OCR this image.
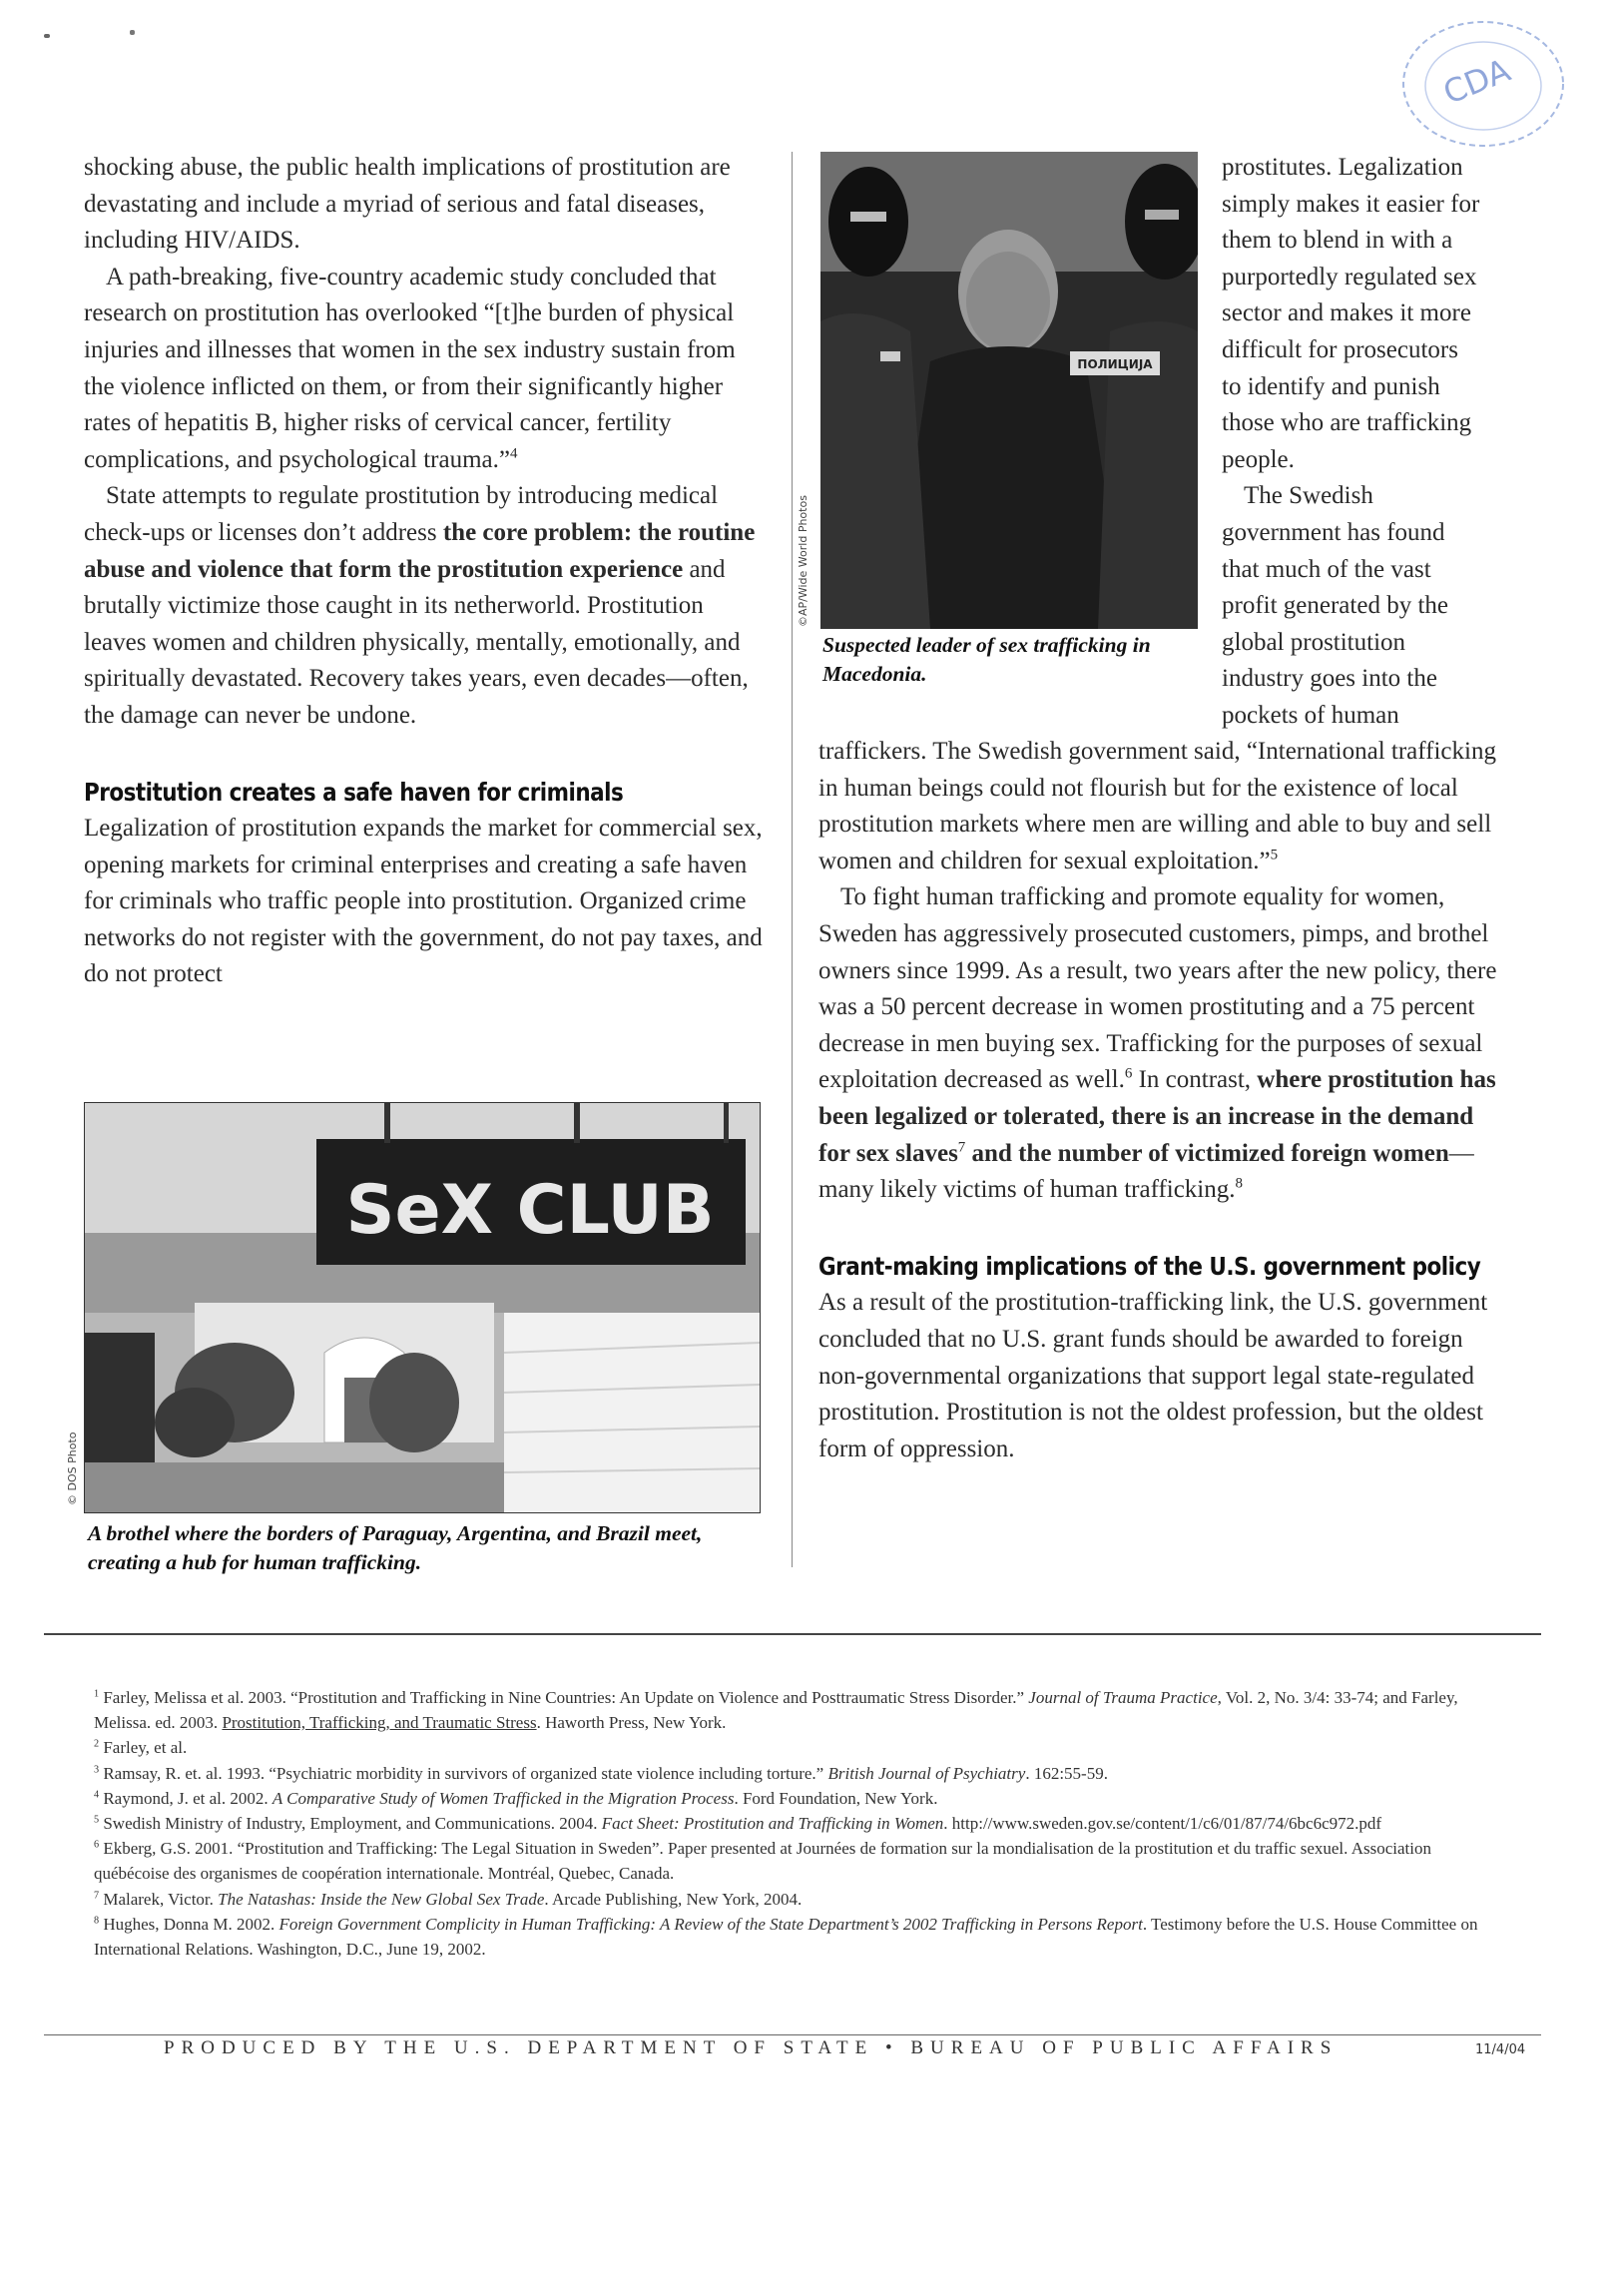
CDA

shocking abuse, the public health implications of prostitution are devastating and include a myriad of serious and fatal diseases, including HIV/AIDS.

A path-breaking, five-country academic study concluded that research on prostitution has overlooked “[t]he burden of physical injuries and illnesses that women in the sex industry sustain from the violence inflicted on them, or from their significantly higher rates of hepatitis B, higher risks of cervical cancer, fertility complications, and psychological trauma.”$^4$

State attempts to regulate prostitution by introducing medical check-ups or licenses don’t address the core problem: the routine abuse and violence that form the prostitution experience and brutally victimize those caught in its netherworld. Prostitution leaves women and children physically, mentally, emotionally, and spiritually devastated. Recovery takes years, even decades—often, the damage can never be undone.

Prostitution creates a safe haven for criminals

Legalization of prostitution expands the market for commercial sex, opening markets for criminal enterprises and creating a safe haven for criminals who traffic people into prostitution. Organized crime networks do not register with the government, do not pay taxes, and do not protect

SeX CLUB
© DOS Photo
A brothel where the borders of Paraguay, Argentina, and Brazil meet, creating a hub for human trafficking.
ПОЛИЦИЈА
©AP/Wide World Photos
Suspected leader of sex trafficking in Macedonia.
prostitutes. Legalization
simply makes it easier for
them to blend in with a
purportedly regulated sex
sector and makes it more
difficult for prosecutors
to identify and punish
those who are trafficking
people.
The Swedish
government has found
that much of the vast
profit generated by the
global prostitution
industry goes into the
pockets of human

traffickers. The Swedish government said, “International trafficking in human beings could not flourish but for the existence of local prostitution markets where men are willing and able to buy and sell women and children for sexual exploitation.”$^5$

To fight human trafficking and promote equality for women, Sweden has aggressively prosecuted customers, pimps, and brothel owners since 1999. As a result, two years after the new policy, there was a 50 percent decrease in women prostituting and a 75 percent decrease in men buying sex. Trafficking for the purposes of sexual exploitation decreased as well.$^6$ In contrast, where prostitution has been legalized or tolerated, there is an increase in the demand for sex slaves$^7$ and the number of victimized foreign women—many likely victims of human trafficking.$^8$

Grant-making implications of the U.S. government policy

As a result of the prostitution-trafficking link, the U.S. government concluded that no U.S. grant funds should be awarded to foreign non-governmental organizations that support legal state-regulated prostitution. Prostitution is not the oldest profession, but the oldest form of oppression.

$^1$ Farley, Melissa et al. 2003. “Prostitution and Trafficking in Nine Countries: An Update on Violence and Posttraumatic Stress Disorder.” Journal of Trauma Practice, Vol. 2, No. 3/4: 33-74; and Farley, Melissa. ed. 2003. Prostitution, Trafficking, and Traumatic Stress. Haworth Press, New York.

$^2$ Farley, et al.

$^3$ Ramsay, R. et. al. 1993. “Psychiatric morbidity in survivors of organized state violence including torture.” British Journal of Psychiatry. 162:55-59.

$^4$ Raymond, J. et al. 2002. A Comparative Study of Women Trafficked in the Migration Process. Ford Foundation, New York.

$^5$ Swedish Ministry of Industry, Employment, and Communications. 2004. Fact Sheet: Prostitution and Trafficking in Women. http://www.sweden.gov.se/content/1/c6/01/87/74/6bc6c972.pdf

$^6$ Ekberg, G.S. 2001. “Prostitution and Trafficking: The Legal Situation in Sweden”. Paper presented at Journées de formation sur la mondialisation de la prostitution et du traffic sexuel. Association québécoise des organismes de coopération internationale. Montréal, Quebec, Canada.

$^7$ Malarek, Victor. The Natashas: Inside the New Global Sex Trade. Arcade Publishing, New York, 2004.

$^8$ Hughes, Donna M. 2002. Foreign Government Complicity in Human Trafficking: A Review of the State Department’s 2002 Trafficking in Persons Report. Testimony before the U.S. House Committee on International Relations. Washington, D.C., June 19, 2002.

PRODUCED BY THE U.S. DEPARTMENT OF STATE • BUREAU OF PUBLIC AFFAIRS	11/4/04
